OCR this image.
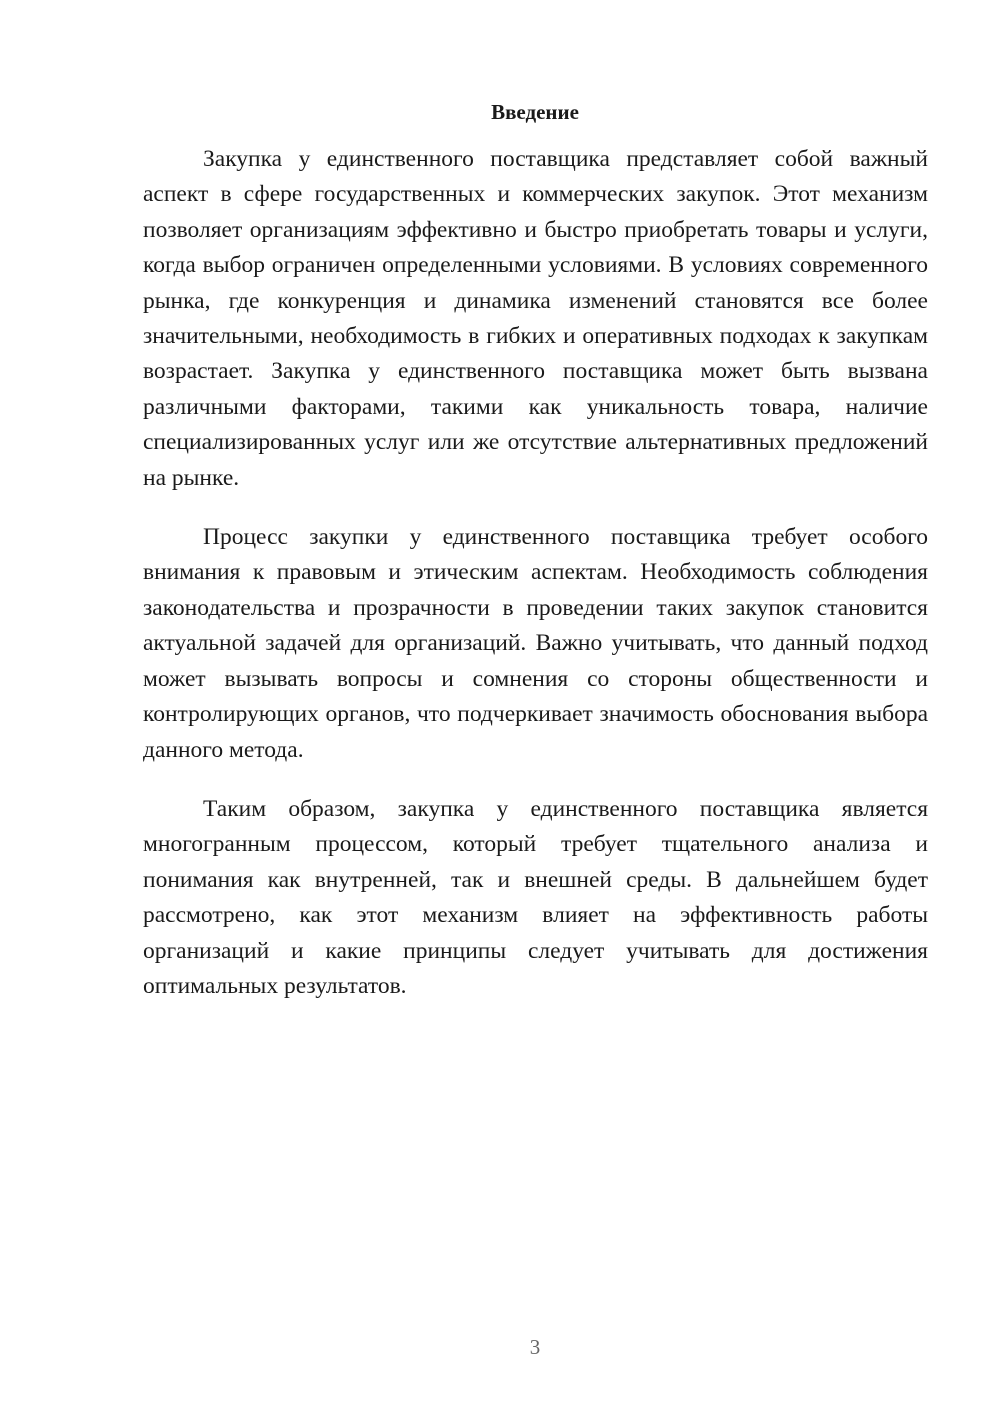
Введение

Закупка у единственного поставщика представляет собой важный аспект в сфере государственных и коммерческих закупок. Этот механизм позволяет организациям эффективно и быстро приобретать товары и услуги, когда выбор ограничен определенными условиями. В условиях современного рынка, где конкуренция и динамика изменений становятся все более значительными, необходимость в гибких и оперативных подходах к закупкам возрастает. Закупка у единственного поставщика может быть вызвана различными факторами, такими как уникальность товара, наличие специализированных услуг или же отсутствие альтернативных предложений на рынке.

Процесс закупки у единственного поставщика требует особого внимания к правовым и этическим аспектам. Необходимость соблюдения законодательства и прозрачности в проведении таких закупок становится актуальной задачей для организаций. Важно учитывать, что данный подход может вызывать вопросы и сомнения со стороны общественности и контролирующих органов, что подчеркивает значимость обоснования выбора данного метода.

Таким образом, закупка у единственного поставщика является многогранным процессом, который требует тщательного анализа и понимания как внутренней, так и внешней среды. В дальнейшем будет рассмотрено, как этот механизм влияет на эффективность работы организаций и какие принципы следует учитывать для достижения оптимальных результатов.

3
